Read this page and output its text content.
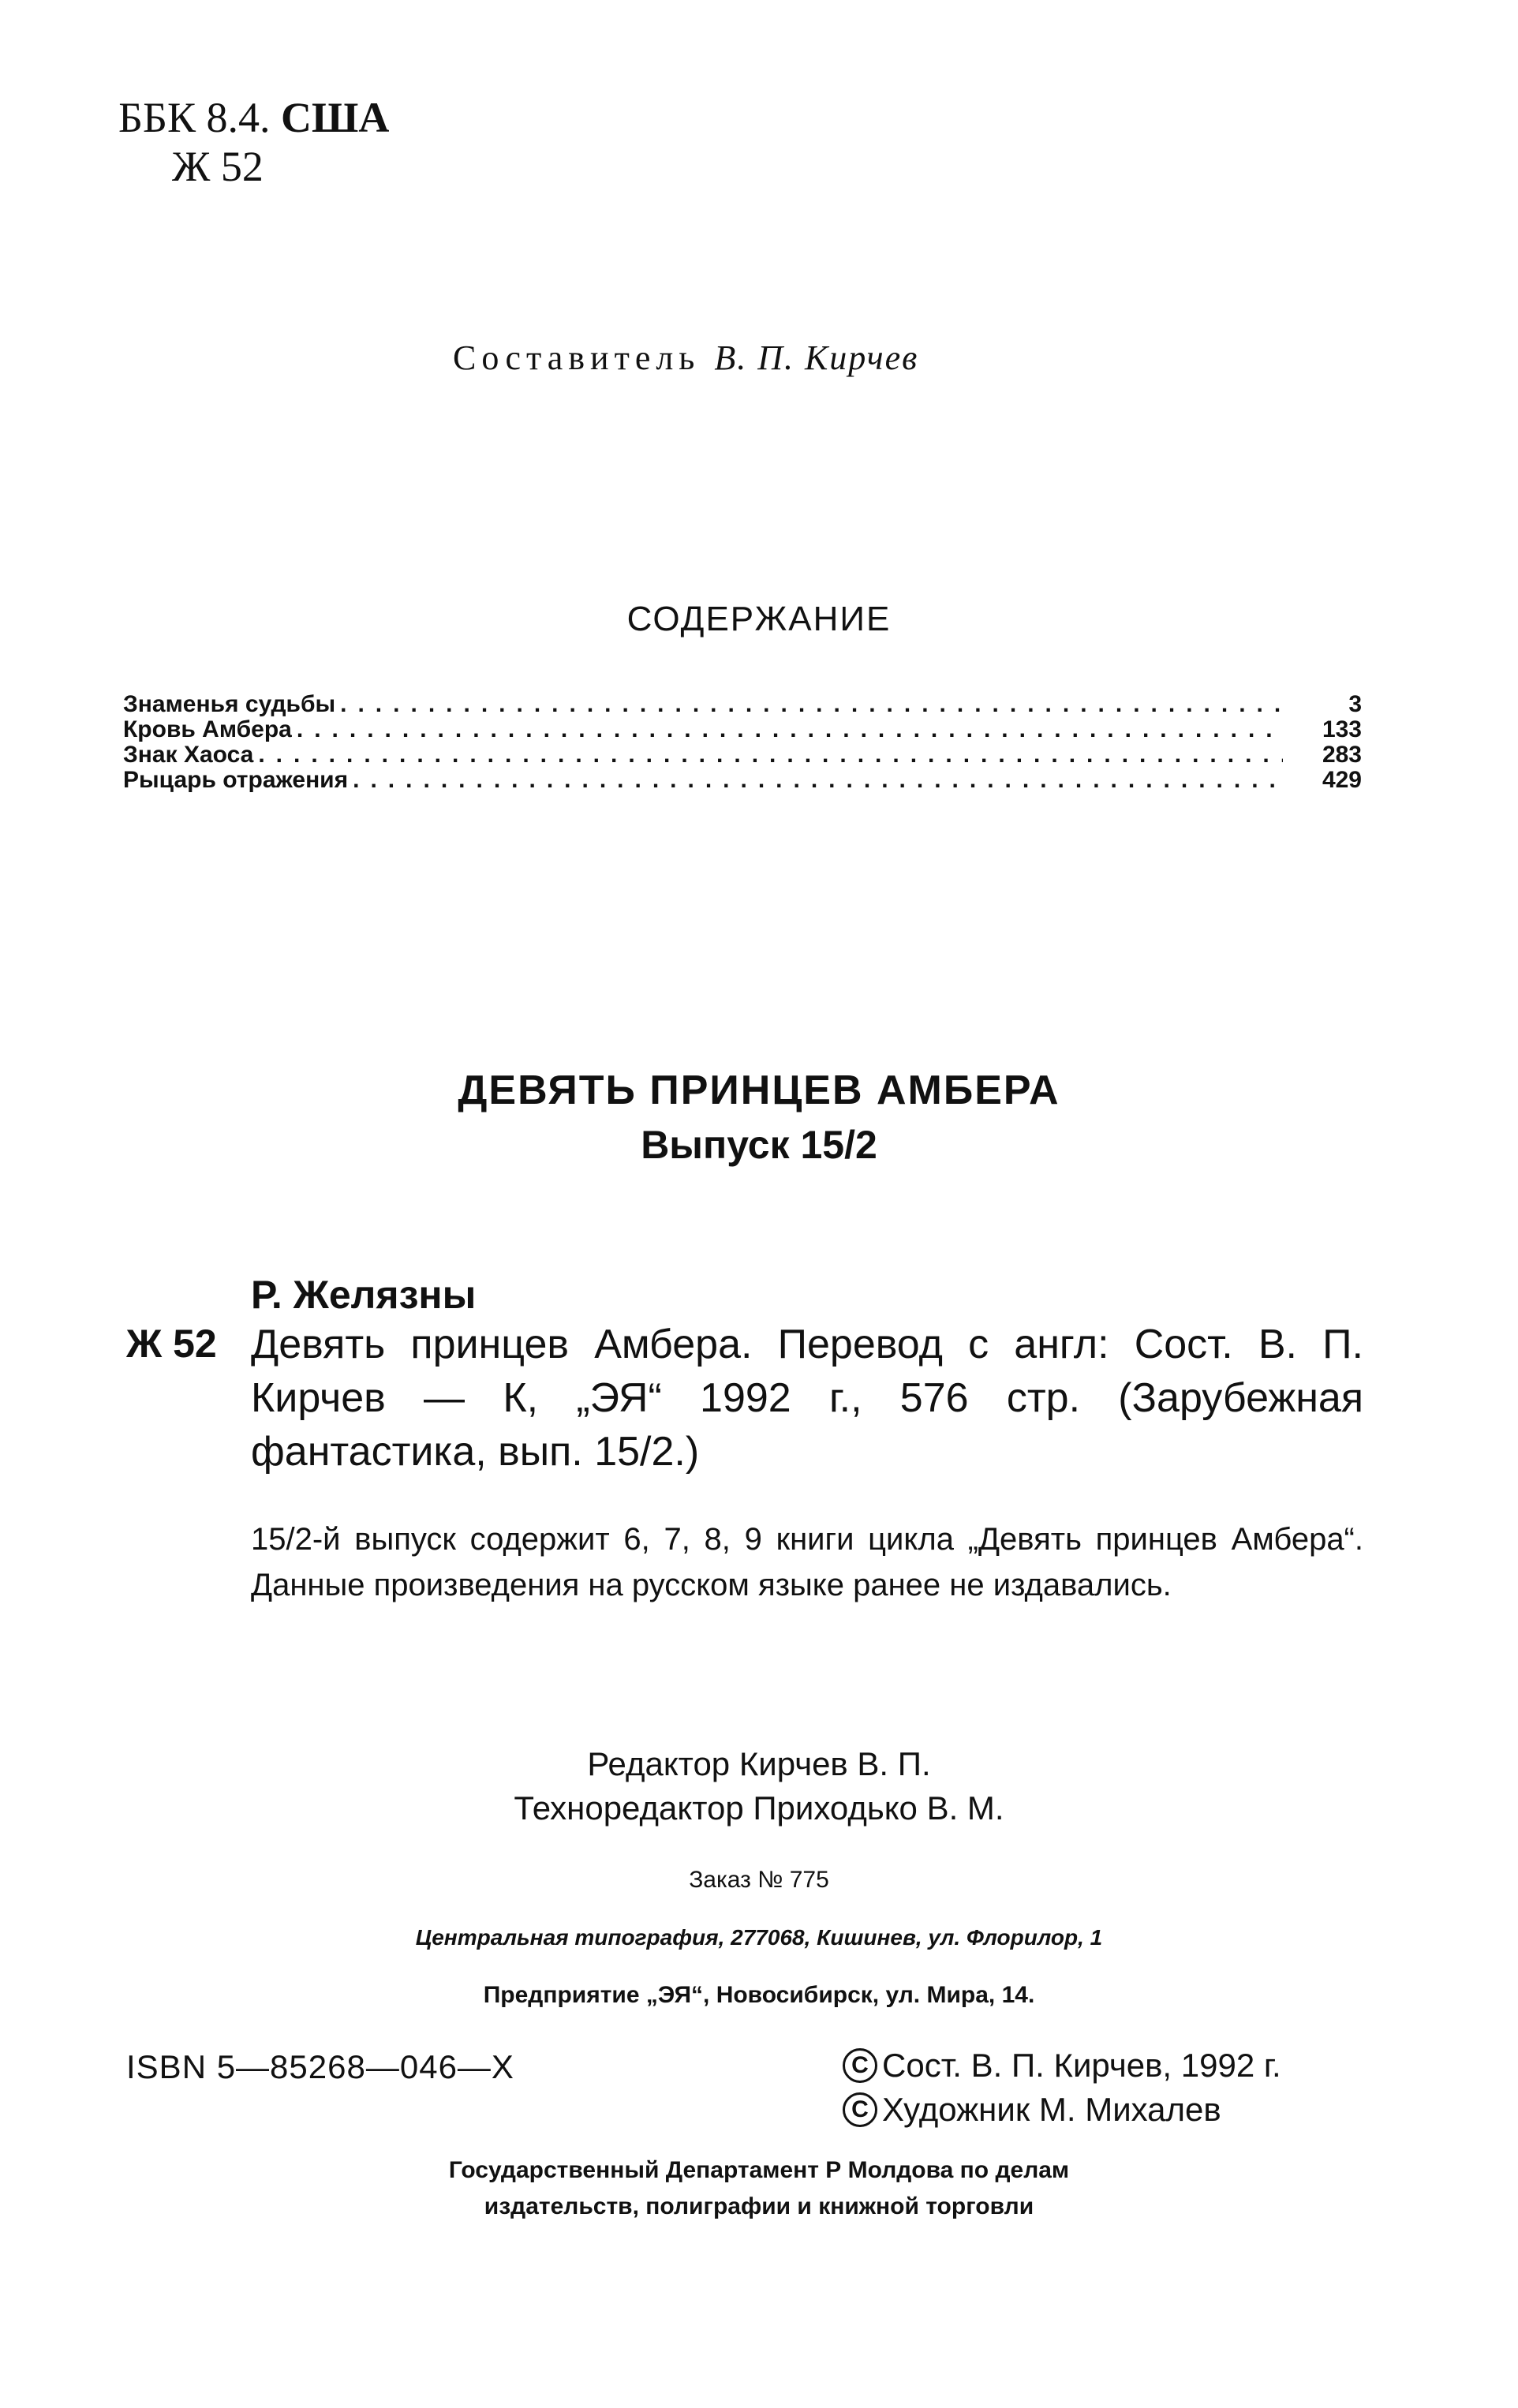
ББК 8.4. США
Ж 52
Составитель В. П. Кирчев
СОДЕРЖАНИЕ
Знаменья судьбы .....	3
Кровь Амбера .....	133
Знак Хаоса .....	283
Рыцарь отражения .....	429
ДЕВЯТЬ ПРИНЦЕВ АМБЕРА
Выпуск 15/2
Р. Желязны
Ж 52 Девять принцев Амбера. Перевод с англ: Сост. В. П. Кирчев — К, „ЭЯ“ 1992 г., 576 стр. (Зарубежная фантастика, вып. 15/2.)
15/2-й выпуск содержит 6, 7, 8, 9 книги цикла „Девять принцев Амбера“. Данные произведения на русском языке ранее не издавались.
Редактор Кирчев В. П.
Техноредактор Приходько В. М.
Заказ № 775
Центральная типография, 277068, Кишинев, ул. Флорилор, 1
Предприятие „ЭЯ“, Новосибирск, ул. Мира, 14.
ISBN 5—85268—046—X	С Сост. В. П. Кирчев, 1992 г.
С Художник М. Михалев
Государственный Департамент Р Молдова по делам
издательств, полиграфии и книжной торговли
